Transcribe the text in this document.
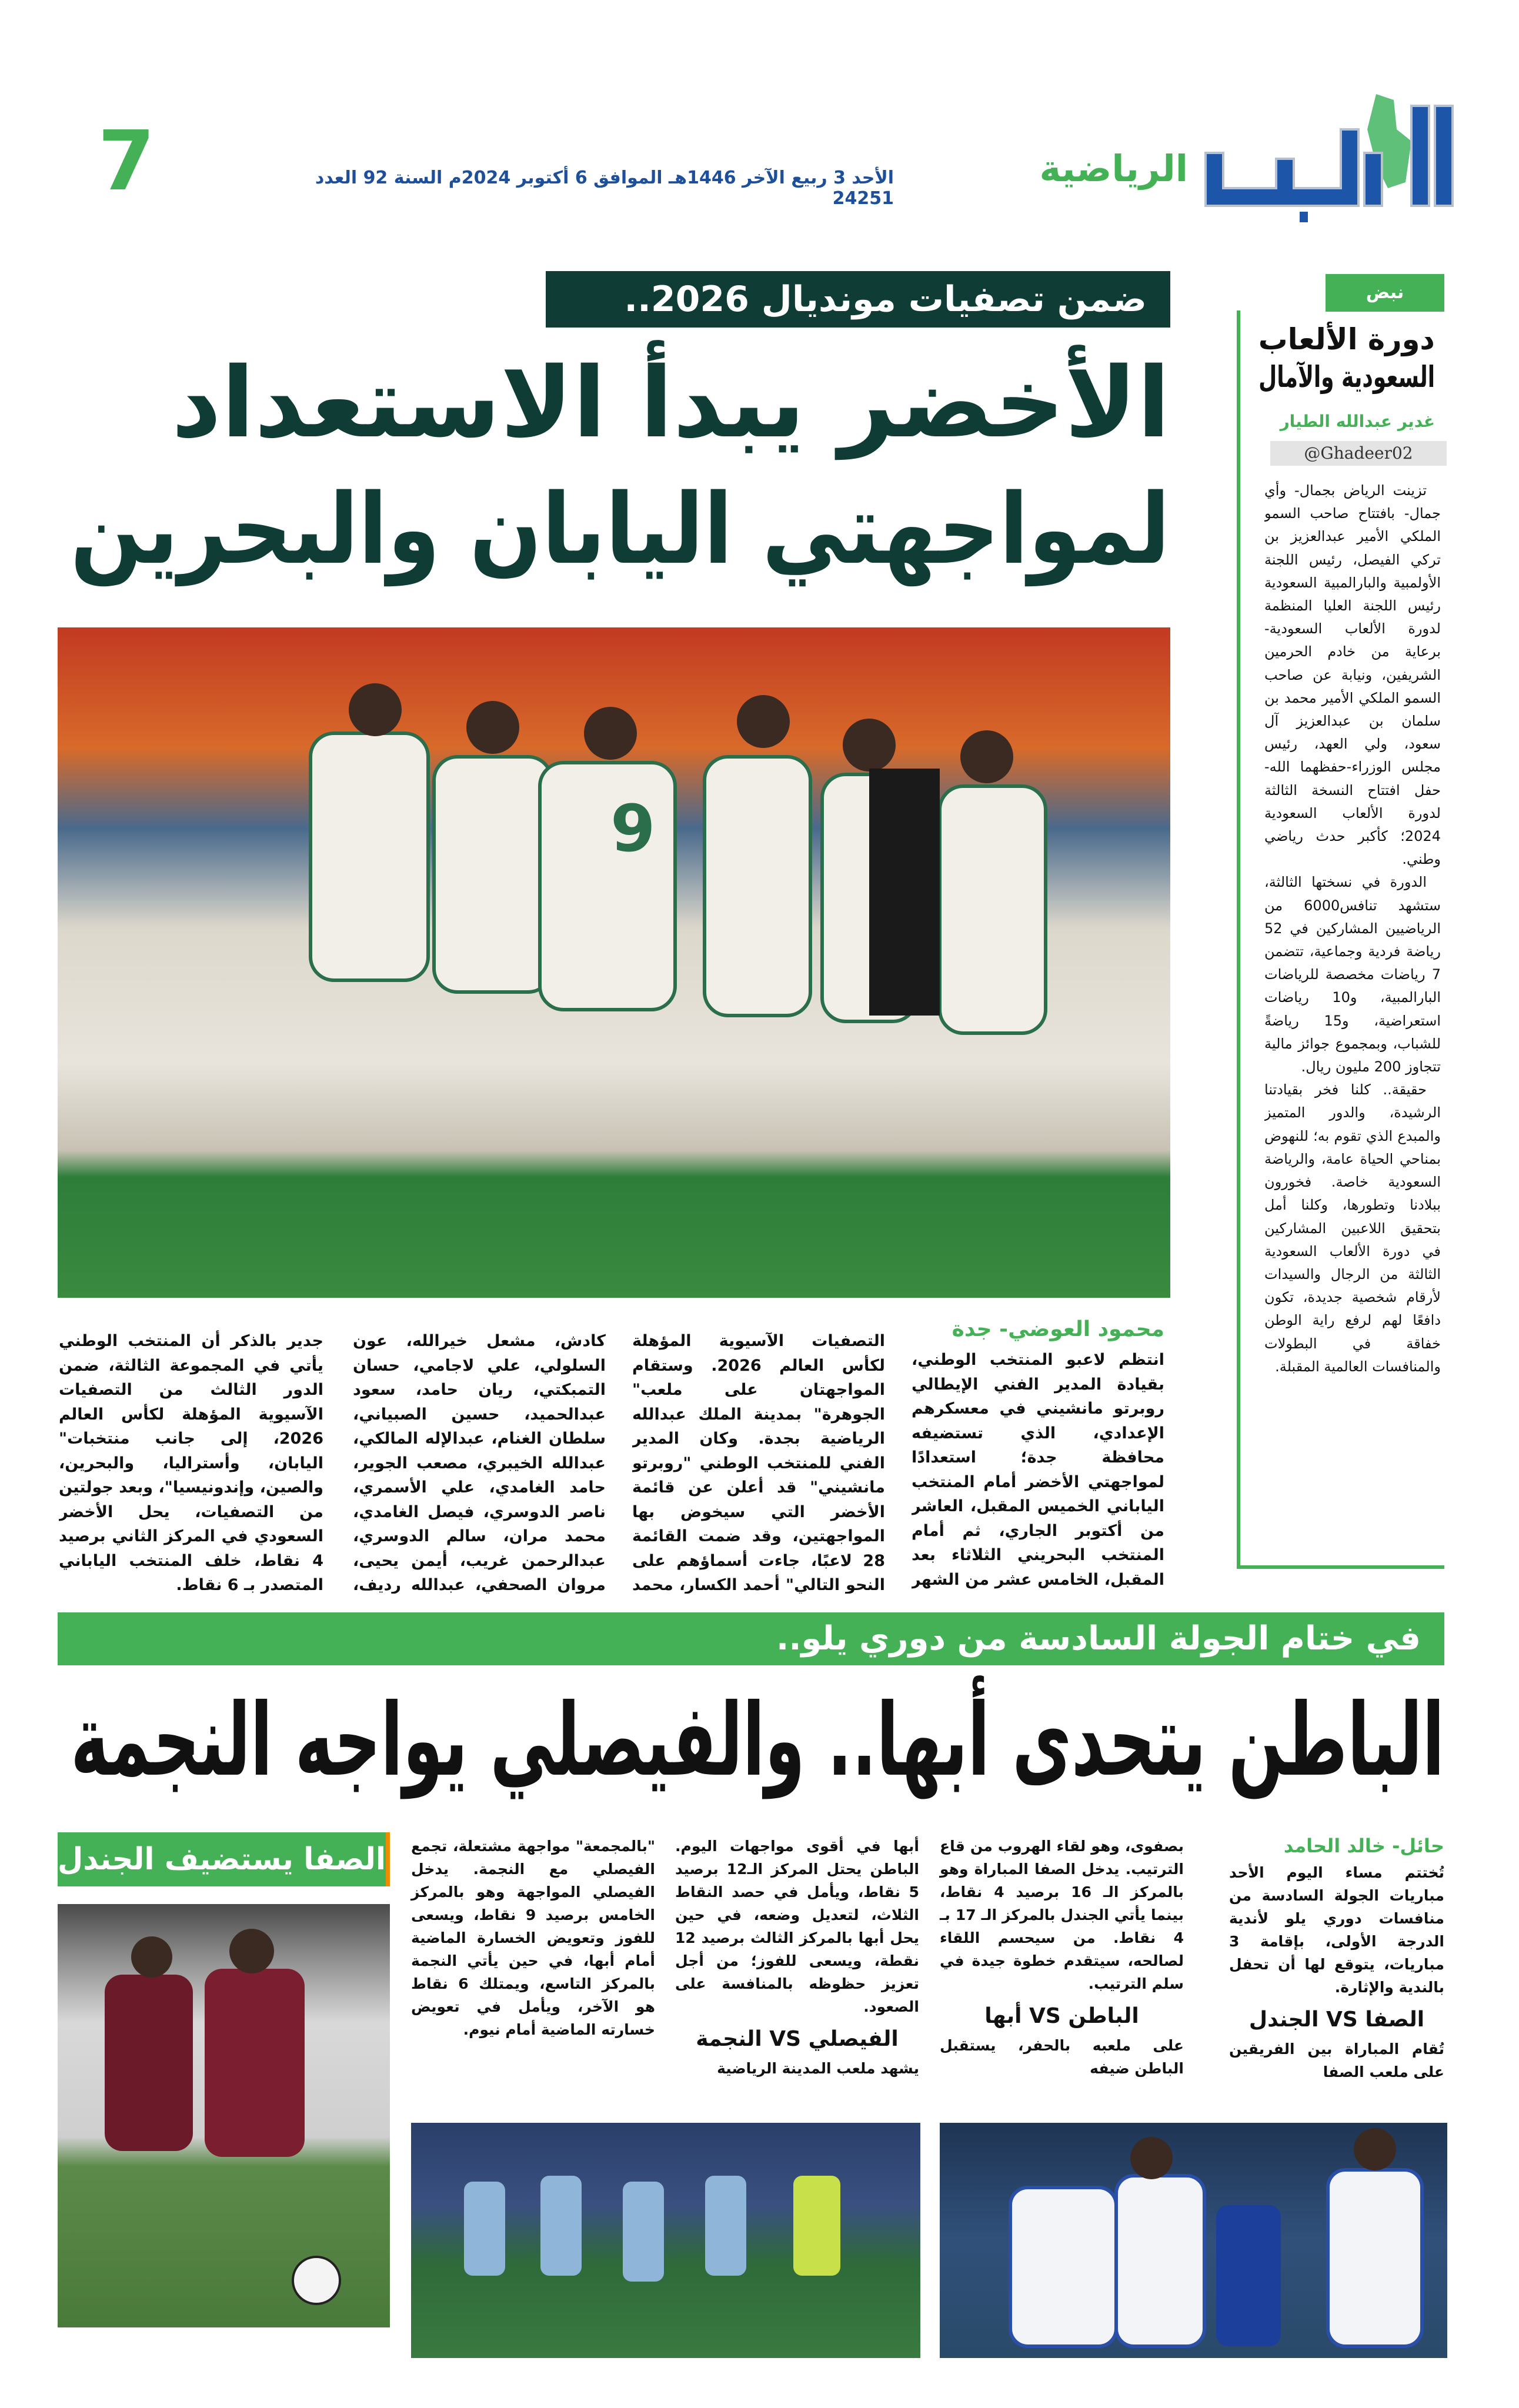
الرياضية
الأحد 3 ربيع الآخر 1446هـ الموافق 6 أكتوبر 2024م السنة 92 العدد 24251
7
ضمن تصفيات مونديال 2026..
الأخضر يبدأ الاستعداد
لمواجهتي اليابان والبحرين
9
محمود العوضي- جدة
انتظم لاعبو المنتخب الوطني، بقيادة المدير الفني الإيطالي روبرتو مانشيني في معسكرهم الإعدادي، الذي تستضيفه محافظة جدة؛ استعدادًا لمواجهتي الأخضر أمام المنتخب الياباني الخميس المقبل، العاشر من أكتوبر الجاري، ثم أمام المنتخب البحريني الثلاثاء بعد المقبل، الخامس عشر من الشهر
التصفيات الآسيوية المؤهلة لكأس العالم 2026. وستقام المواجهتان على ملعب" الجوهرة" بمدينة الملك عبدالله الرياضية بجدة. وكان المدير الفني للمنتخب الوطني "روبرتو مانشيني" قد أعلن عن قائمة الأخضر التي سيخوض بها المواجهتين، وقد ضمت القائمة 28 لاعبًا، جاءت أسماؤهم على النحو التالي" أحمد الكسار، محمد
كادش، مشعل خيرالله، عون السلولي، علي لاجامي، حسان التمبكتي، ريان حامد، سعود عبدالحميد، حسين الصبياني، سلطان الغنام، عبدالإله المالكي، عبدالله الخيبري، مصعب الجوير، حامد الغامدي، علي الأسمري، ناصر الدوسري، فيصل الغامدي، محمد مران، سالم الدوسري، عبدالرحمن غريب، أيمن يحيى، مروان الصحفي، عبدالله رديف،
جدير بالذكر أن المنتخب الوطني يأتي في المجموعة الثالثة، ضمن الدور الثالث من التصفيات الآسيوية المؤهلة لكأس العالم 2026، إلى جانب منتخبات" اليابان، وأستراليا، والبحرين، والصين، وإندونيسيا"، وبعد جولتين من التصفيات، يحل الأخضر السعودي في المركز الثاني برصيد 4 نقاط، خلف المنتخب الياباني المتصدر بـ 6 نقاط.
نبض
دورة الألعاب
السعودية والآمال
غدير عبدالله الطيار
@Ghadeer02

تزينت الرياض بجمال- وأي جمال- بافتتاح صاحب السمو الملكي الأمير عبدالعزيز بن تركي الفيصل، رئيس اللجنة الأولمبية والبارالمبية السعودية رئيس اللجنة العليا المنظمة لدورة الألعاب السعودية- برعاية من خادم الحرمين الشريفين، ونيابة عن صاحب السمو الملكي الأمير محمد بن سلمان بن عبدالعزيز آل سعود، ولي العهد، رئيس مجلس الوزراء-حفظهما الله- حفل افتتاح النسخة الثالثة لدورة الألعاب السعودية 2024؛ كأكبر حدث رياضي وطني.

الدورة في نسختها الثالثة، ستشهد تنافس6000 من الرياضيين المشاركين في 52 رياضة فردية وجماعية، تتضمن 7 رياضات مخصصة للرياضات البارالمبية، و10 رياضات استعراضية، و15 رياضةً للشباب، وبمجموع جوائز مالية تتجاوز 200 مليون ريال.

حقيقة.. كلنا فخر بقيادتنا الرشيدة، والدور المتميز والمبدع الذي تقوم به؛ للنهوض بمناحي الحياة عامة، والرياضة السعودية خاصة. فخورون ببلادنا وتطورها، وكلنا أمل بتحقيق اللاعبين المشاركين في دورة الألعاب السعودية الثالثة من الرجال والسيدات لأرقام شخصية جديدة، تكون دافعًا لهم لرفع راية الوطن خفاقة في البطولات والمنافسات العالمية المقبلة.

في ختام الجولة السادسة من دوري يلو..
الباطن يتحدى أبها.. والفيصلي يواجه النجمة
الصفا يستضيف الجندل	حائل- خالد الحامد

تُختتم مساء اليوم الأحد مباريات الجولة السادسة من منافسات دوري يلو لأندية الدرجة الأولى، بإقامة 3 مباريات، يتوقع لها أن تحفل بالندية والإثارة.

الصفا VS الجندل

تُقام المباراة بين الفريقين على ملعب الصفا

بصفوى، وهو لقاء الهروب من قاع الترتيب. يدخل الصفا المباراة وهو بالمركز الـ 16 برصيد 4 نقاط، بينما يأتي الجندل بالمركز الـ 17 بـ 4 نقاط. من سيحسم اللقاء لصالحه، سيتقدم خطوة جيدة في سلم الترتيب.

الباطن VS أبها

على ملعبه بالحفر، يستقبل الباطن ضيفه

أبها في أقوى مواجهات اليوم. الباطن يحتل المركز الـ12 برصيد 5 نقاط، ويأمل في حصد النقاط الثلاث، لتعديل وضعه، في حين يحل أبها بالمركز الثالث برصيد 12 نقطة، ويسعى للفوز؛ من أجل تعزيز حظوظه بالمنافسة على الصعود.

الفيصلي VS النجمة

يشهد ملعب المدينة الرياضية

"بالمجمعة" مواجهة مشتعلة، تجمع الفيصلي مع النجمة. يدخل الفيصلي المواجهة وهو بالمركز الخامس برصيد 9 نقاط، ويسعى للفوز وتعويض الخسارة الماضية أمام أبها، في حين يأتي النجمة بالمركز التاسع، ويمتلك 6 نقاط هو الآخر، ويأمل في تعويض خسارته الماضية أمام نيوم.
